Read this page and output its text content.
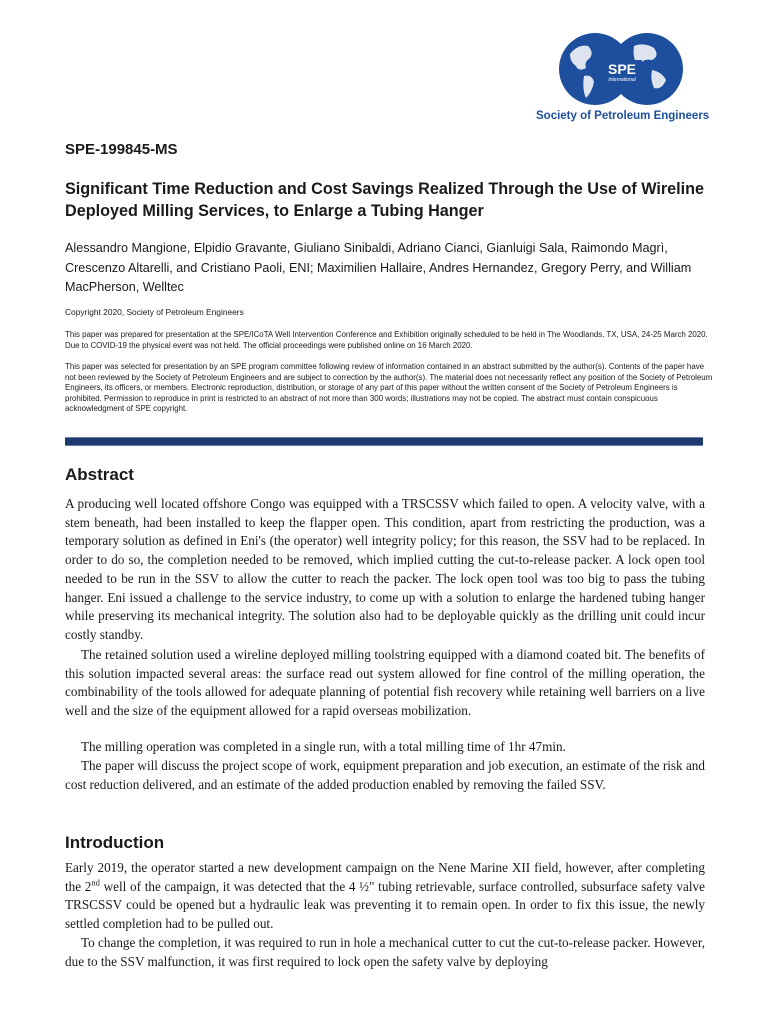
SPE
International
Society of Petroleum Engineers
SPE-199845-MS
Significant Time Reduction and Cost Savings Realized Through the Use of Wireline Deployed Milling Services, to Enlarge a Tubing Hanger

Alessandro Mangione, Elpidio Gravante, Giuliano Sinibaldi, Adriano Cianci, Gianluigi Sala, Raimondo Magrì, Crescenzo Altarelli, and Cristiano Paoli, ENI; Maximilien Hallaire, Andres Hernandez, Gregory Perry, and William MacPherson, Welltec

Copyright 2020, Society of Petroleum Engineers

This paper was prepared for presentation at the SPE/ICoTA Well Intervention Conference and Exhibition originally scheduled to be held in The Woodlands, TX, USA, 24-25 March 2020. Due to COVID-19 the physical event was not held. The official proceedings were published online on 16 March 2020.

This paper was selected for presentation by an SPE program committee following review of information contained in an abstract submitted by the author(s). Contents of the paper have not been reviewed by the Society of Petroleum Engineers and are subject to correction by the author(s). The material does not necessarily reflect any position of the Society of Petroleum Engineers, its officers, or members. Electronic reproduction, distribution, or storage of any part of this paper without the written consent of the Society of Petroleum Engineers is prohibited. Permission to reproduce in print is restricted to an abstract of not more than 300 words; illustrations may not be copied. The abstract must contain conspicuous acknowledgment of SPE copyright.

Abstract

A producing well located offshore Congo was equipped with a TRSCSSV which failed to open. A velocity valve, with a stem beneath, had been installed to keep the flapper open. This condition, apart from restricting the production, was a temporary solution as defined in Eni's (the operator) well integrity policy; for this reason, the SSV had to be replaced. In order to do so, the completion needed to be removed, which implied cutting the cut-to-release packer. A lock open tool needed to be run in the SSV to allow the cutter to reach the packer. The lock open tool was too big to pass the tubing hanger. Eni issued a challenge to the service industry, to come up with a solution to enlarge the hardened tubing hanger while preserving its mechanical integrity. The solution also had to be deployable quickly as the drilling unit could incur costly standby.

The retained solution used a wireline deployed milling toolstring equipped with a diamond coated bit. The benefits of this solution impacted several areas: the surface read out system allowed for fine control of the milling operation, the combinability of the tools allowed for adequate planning of potential fish recovery while retaining well barriers on a live well and the size of the equipment allowed for a rapid overseas mobilization.

The milling operation was completed in a single run, with a total milling time of 1hr 47min.

The paper will discuss the project scope of work, equipment preparation and job execution, an estimate of the risk and cost reduction delivered, and an estimate of the added production enabled by removing the failed SSV.

Introduction

Early 2019, the operator started a new development campaign on the Nene Marine XII field, however, after completing the 2nd well of the campaign, it was detected that the 4 ½" tubing retrievable, surface controlled, subsurface safety valve TRSCSSV could be opened but a hydraulic leak was preventing it to remain open. In order to fix this issue, the newly settled completion had to be pulled out.

To change the completion, it was required to run in hole a mechanical cutter to cut the cut-to-release packer. However, due to the SSV malfunction, it was first required to lock open the safety valve by deploying
